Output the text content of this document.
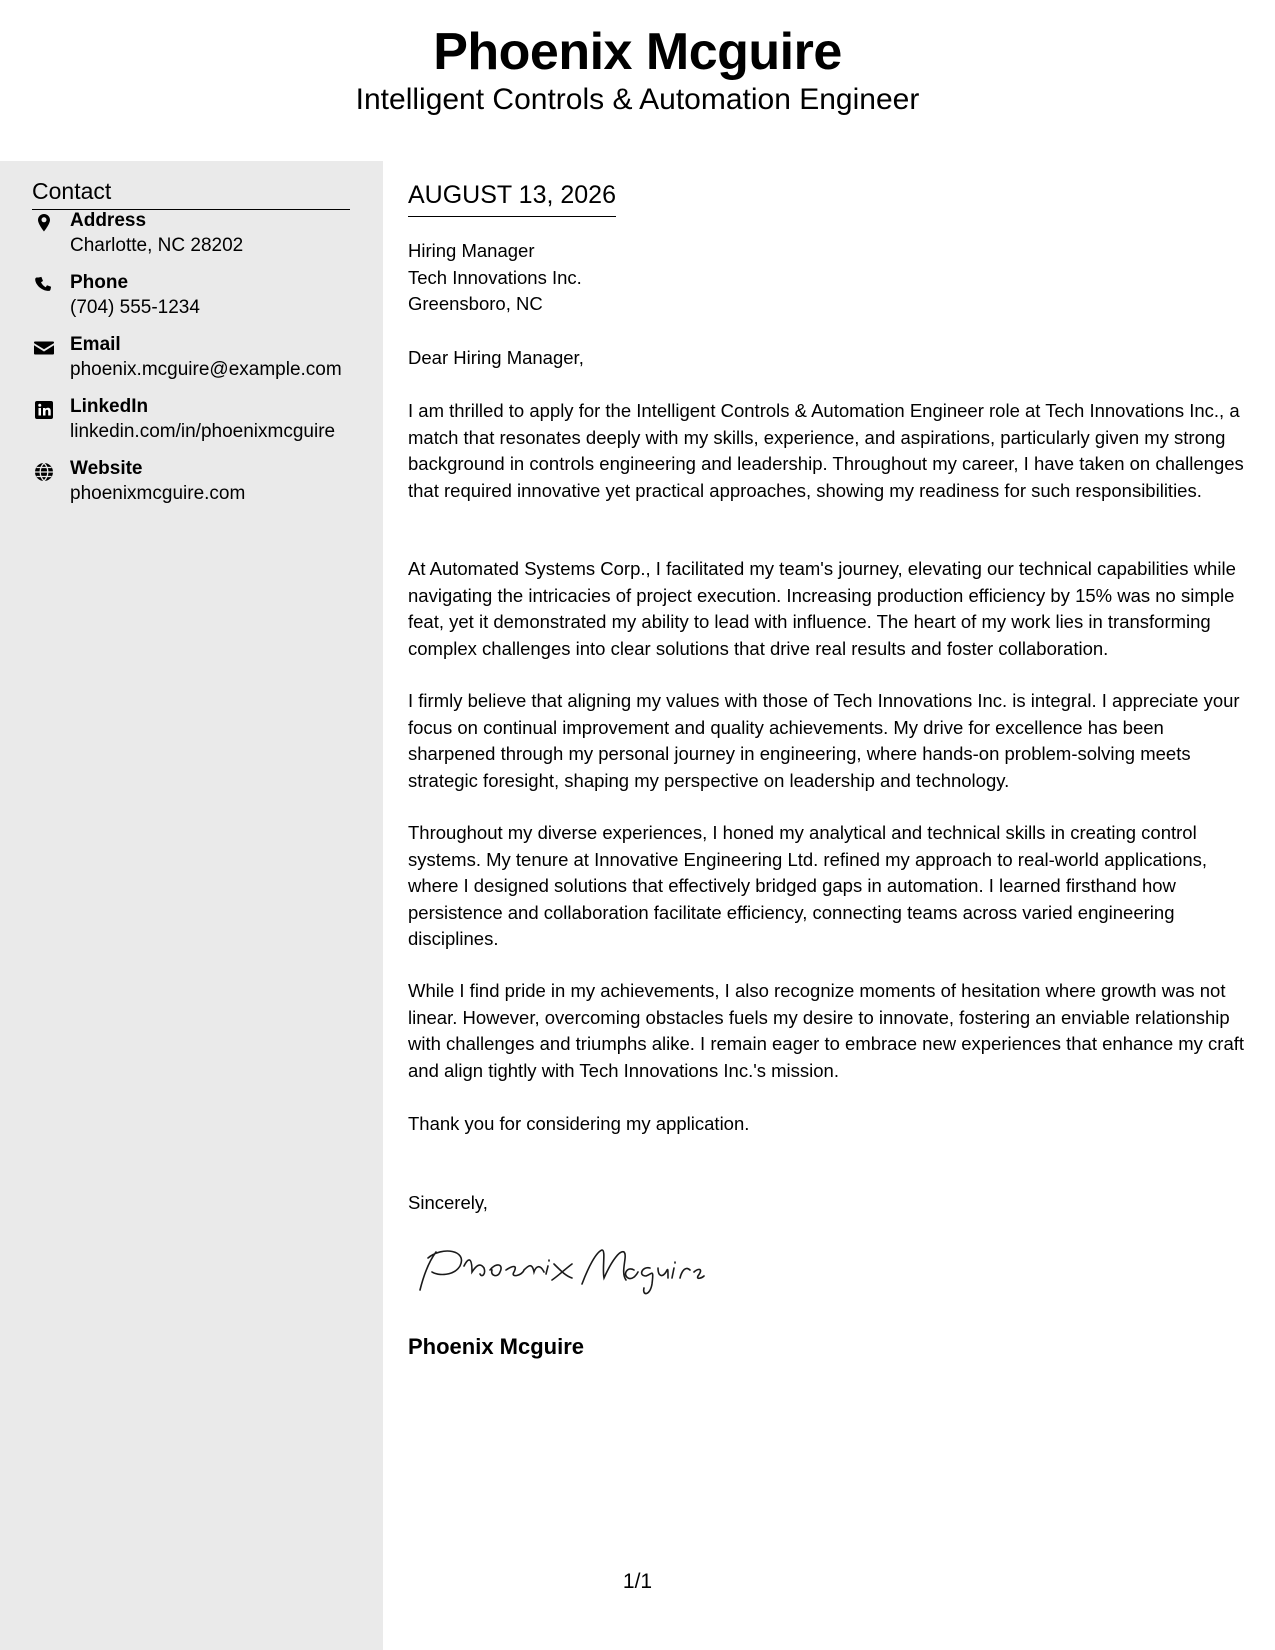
Phoenix Mcguire
Intelligent Controls & Automation Engineer
Contact
Address
Charlotte, NC 28202
Phone
(704) 555-1234
Email
phoenix.mcguire@example.com
LinkedIn
linkedin.com/in/phoenixmcguire
Website
phoenixmcguire.com
AUGUST 13, 2026
Hiring Manager
Tech Innovations Inc.
Greensboro, NC

Dear Hiring Manager,

I am thrilled to apply for the Intelligent Controls & Automation Engineer role at Tech Innovations Inc., a match that resonates deeply with my skills, experience, and aspirations, particularly given my strong background in controls engineering and leadership. Throughout my career, I have taken on challenges that required innovative yet practical approaches, showing my readiness for such responsibilities.

At Automated Systems Corp., I facilitated my team's journey, elevating our technical capabilities while navigating the intricacies of project execution. Increasing production efficiency by 15% was no simple feat, yet it demonstrated my ability to lead with influence. The heart of my work lies in transforming complex challenges into clear solutions that drive real results and foster collaboration.

I firmly believe that aligning my values with those of Tech Innovations Inc. is integral. I appreciate your focus on continual improvement and quality achievements. My drive for excellence has been sharpened through my personal journey in engineering, where hands-on problem-solving meets strategic foresight, shaping my perspective on leadership and technology.

Throughout my diverse experiences, I honed my analytical and technical skills in creating control systems. My tenure at Innovative Engineering Ltd. refined my approach to real-world applications, where I designed solutions that effectively bridged gaps in automation. I learned firsthand how persistence and collaboration facilitate efficiency, connecting teams across varied engineering disciplines.

While I find pride in my achievements, I also recognize moments of hesitation where growth was not linear. However, overcoming obstacles fuels my desire to innovate, fostering an enviable relationship with challenges and triumphs alike. I remain eager to embrace new experiences that enhance my craft and align tightly with Tech Innovations Inc.'s mission.

Thank you for considering my application.

Sincerely,

Phoenix Mcguire
1/1
